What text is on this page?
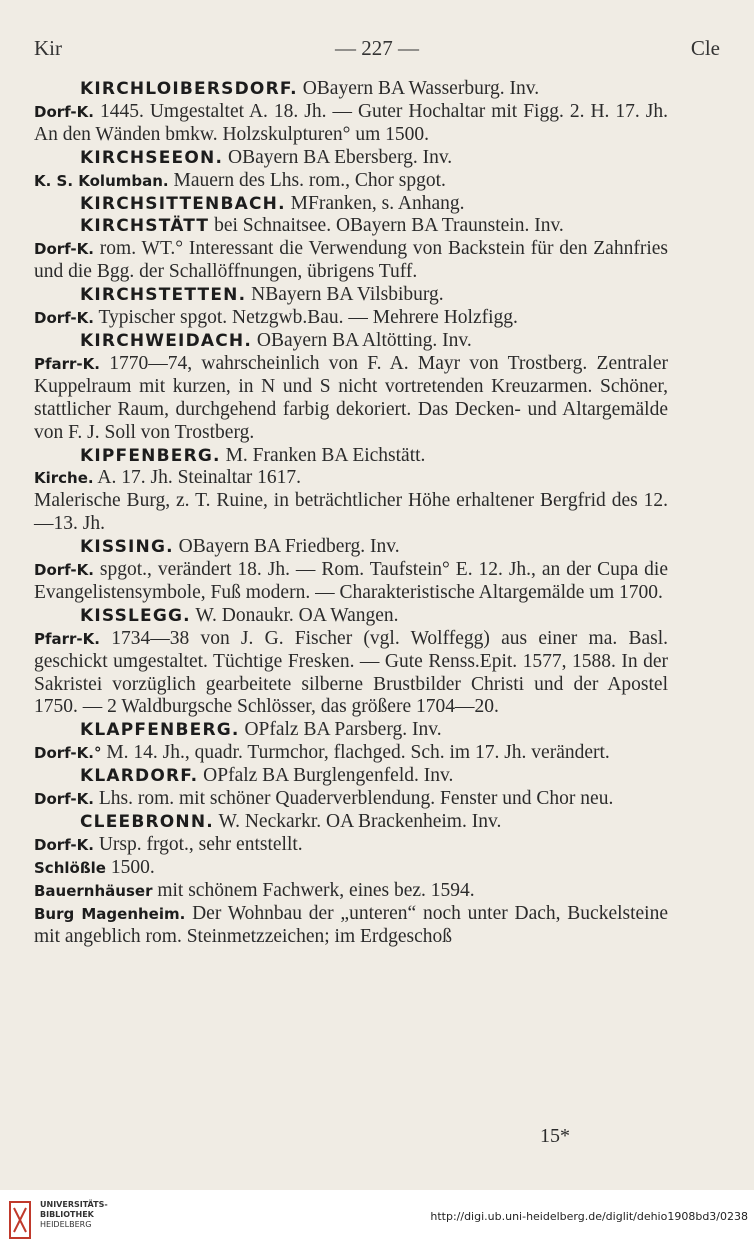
Kir	— 227 —	Cle

KIRCHLOIBERSDORF. OBayern BA Wasserburg. Inv.

Dorf-K. 1445. Umgestaltet A. 18. Jh. — Guter Hochaltar mit Figg. 2. H. 17. Jh. An den Wänden bmkw. Holzskulpturen° um 1500.

KIRCHSEEON. OBayern BA Ebersberg. Inv.

K. S. Kolumban. Mauern des Lhs. rom., Chor spgot.

KIRCHSITTENBACH. MFranken, s. Anhang.

KIRCHSTÄTT bei Schnaitsee. OBayern BA Traunstein. Inv.

Dorf-K. rom. WT.° Interessant die Verwendung von Backstein für den Zahnfries und die Bgg. der Schallöffnungen, übrigens Tuff.

KIRCHSTETTEN. NBayern BA Vilsbiburg.

Dorf-K. Typischer spgot. Netzgwb.Bau. — Mehrere Holzfigg.

KIRCHWEIDACH. OBayern BA Altötting. Inv.

Pfarr-K. 1770—74, wahrscheinlich von F. A. Mayr von Trostberg. Zentraler Kuppelraum mit kurzen, in N und S nicht vortretenden Kreuzarmen. Schöner, stattlicher Raum, durchgehend farbig dekoriert. Das Decken- und Altargemälde von F. J. Soll von Trostberg.

KIPFENBERG. M. Franken BA Eichstätt.

Kirche. A. 17. Jh. Steinaltar 1617.

Malerische Burg, z. T. Ruine, in beträchtlicher Höhe erhaltener Bergfrid des 12.—13. Jh.

KISSING. OBayern BA Friedberg. Inv.

Dorf-K. spgot., verändert 18. Jh. — Rom. Taufstein° E. 12. Jh., an der Cupa die Evangelistensymbole, Fuß modern. — Charakteristische Altargemälde um 1700.

KISSLEGG. W. Donaukr. OA Wangen.

Pfarr-K. 1734—38 von J. G. Fischer (vgl. Wolffegg) aus einer ma. Basl. geschickt umgestaltet. Tüchtige Fresken. — Gute Renss.Epit. 1577, 1588. In der Sakristei vorzüglich gearbeitete silberne Brustbilder Christi und der Apostel 1750. — 2 Waldburgsche Schlösser, das größere 1704—20.

KLAPFENBERG. OPfalz BA Parsberg. Inv.

Dorf-K.° M. 14. Jh., quadr. Turmchor, flachged. Sch. im 17. Jh. verändert.

KLARDORF. OPfalz BA Burglengenfeld. Inv.

Dorf-K. Lhs. rom. mit schöner Quaderverblendung. Fenster und Chor neu.

CLEEBRONN. W. Neckarkr. OA Brackenheim. Inv.

Dorf-K. Ursp. frgot., sehr entstellt.

Schlößle 1500.

Bauernhäuser mit schönem Fachwerk, eines bez. 1594.

Burg Magenheim. Der Wohnbau der „unteren“ noch unter Dach, Buckelsteine mit angeblich rom. Steinmetzzeichen; im Erdgeschoß

15*
UNIVERSITÄTS-
BIBLIOTHEK
HEIDELBERG
http://digi.ub.uni-heidelberg.de/diglit/dehio1908bd3/0238
